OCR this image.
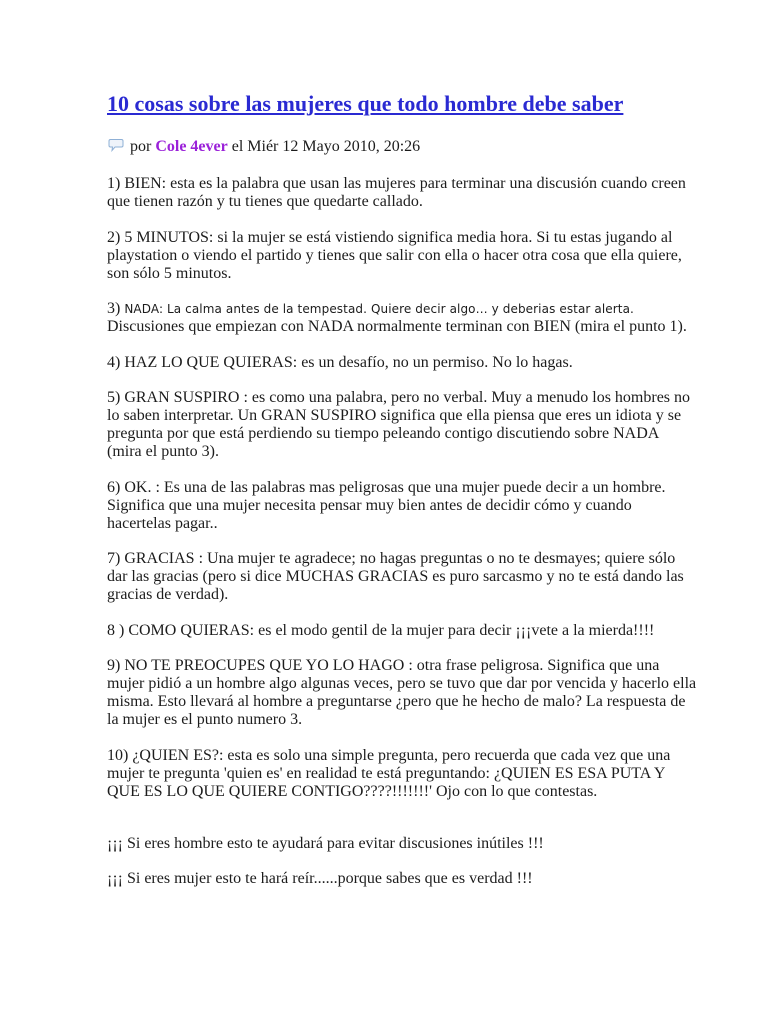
10 cosas sobre las mujeres que todo hombre debe saber
por Cole 4ever el Miér 12 Mayo 2010, 20:26

1) BIEN: esta es la palabra que usan las mujeres para terminar una discusión cuando creen
que tienen razón y tu tienes que quedarte callado.

2) 5 MINUTOS: si la mujer se está vistiendo significa media hora. Si tu estas jugando al
playstation o viendo el partido y tienes que salir con ella o hacer otra cosa que ella quiere,
son sólo 5 minutos.

3) NADA: La calma antes de la tempestad. Quiere decir algo… y deberias estar alerta.
Discusiones que empiezan con NADA normalmente terminan con BIEN (mira el punto 1).

4) HAZ LO QUE QUIERAS: es un desafío, no un permiso. No lo hagas.

5) GRAN SUSPIRO : es como una palabra, pero no verbal. Muy a menudo los hombres no
lo saben interpretar. Un GRAN SUSPIRO significa que ella piensa que eres un idiota y se
pregunta por que está perdiendo su tiempo peleando contigo discutiendo sobre NADA
(mira el punto 3).

6) OK. : Es una de las palabras mas peligrosas que una mujer puede decir a un hombre.
Significa que una mujer necesita pensar muy bien antes de decidir cómo y cuando
hacertelas pagar..

7) GRACIAS : Una mujer te agradece; no hagas preguntas o no te desmayes; quiere sólo
dar las gracias (pero si dice MUCHAS GRACIAS es puro sarcasmo y no te está dando las
gracias de verdad).

8 ) COMO QUIERAS: es el modo gentil de la mujer para decir ¡¡¡vete a la mierda!!!!

9) NO TE PREOCUPES QUE YO LO HAGO : otra frase peligrosa. Significa que una
mujer pidió a un hombre algo algunas veces, pero se tuvo que dar por vencida y hacerlo ella
misma. Esto llevará al hombre a preguntarse ¿pero que he hecho de malo? La respuesta de
la mujer es el punto numero 3.

10) ¿QUIEN ES?: esta es solo una simple pregunta, pero recuerda que cada vez que una
mujer te pregunta 'quien es' en realidad te está preguntando: ¿QUIEN ES ESA PUTA Y
QUE ES LO QUE QUIERE CONTIGO????!!!!!!!' Ojo con lo que contestas.

¡¡¡ Si eres hombre esto te ayudará para evitar discusiones inútiles !!!

¡¡¡ Si eres mujer esto te hará reír......porque sabes que es verdad !!!
